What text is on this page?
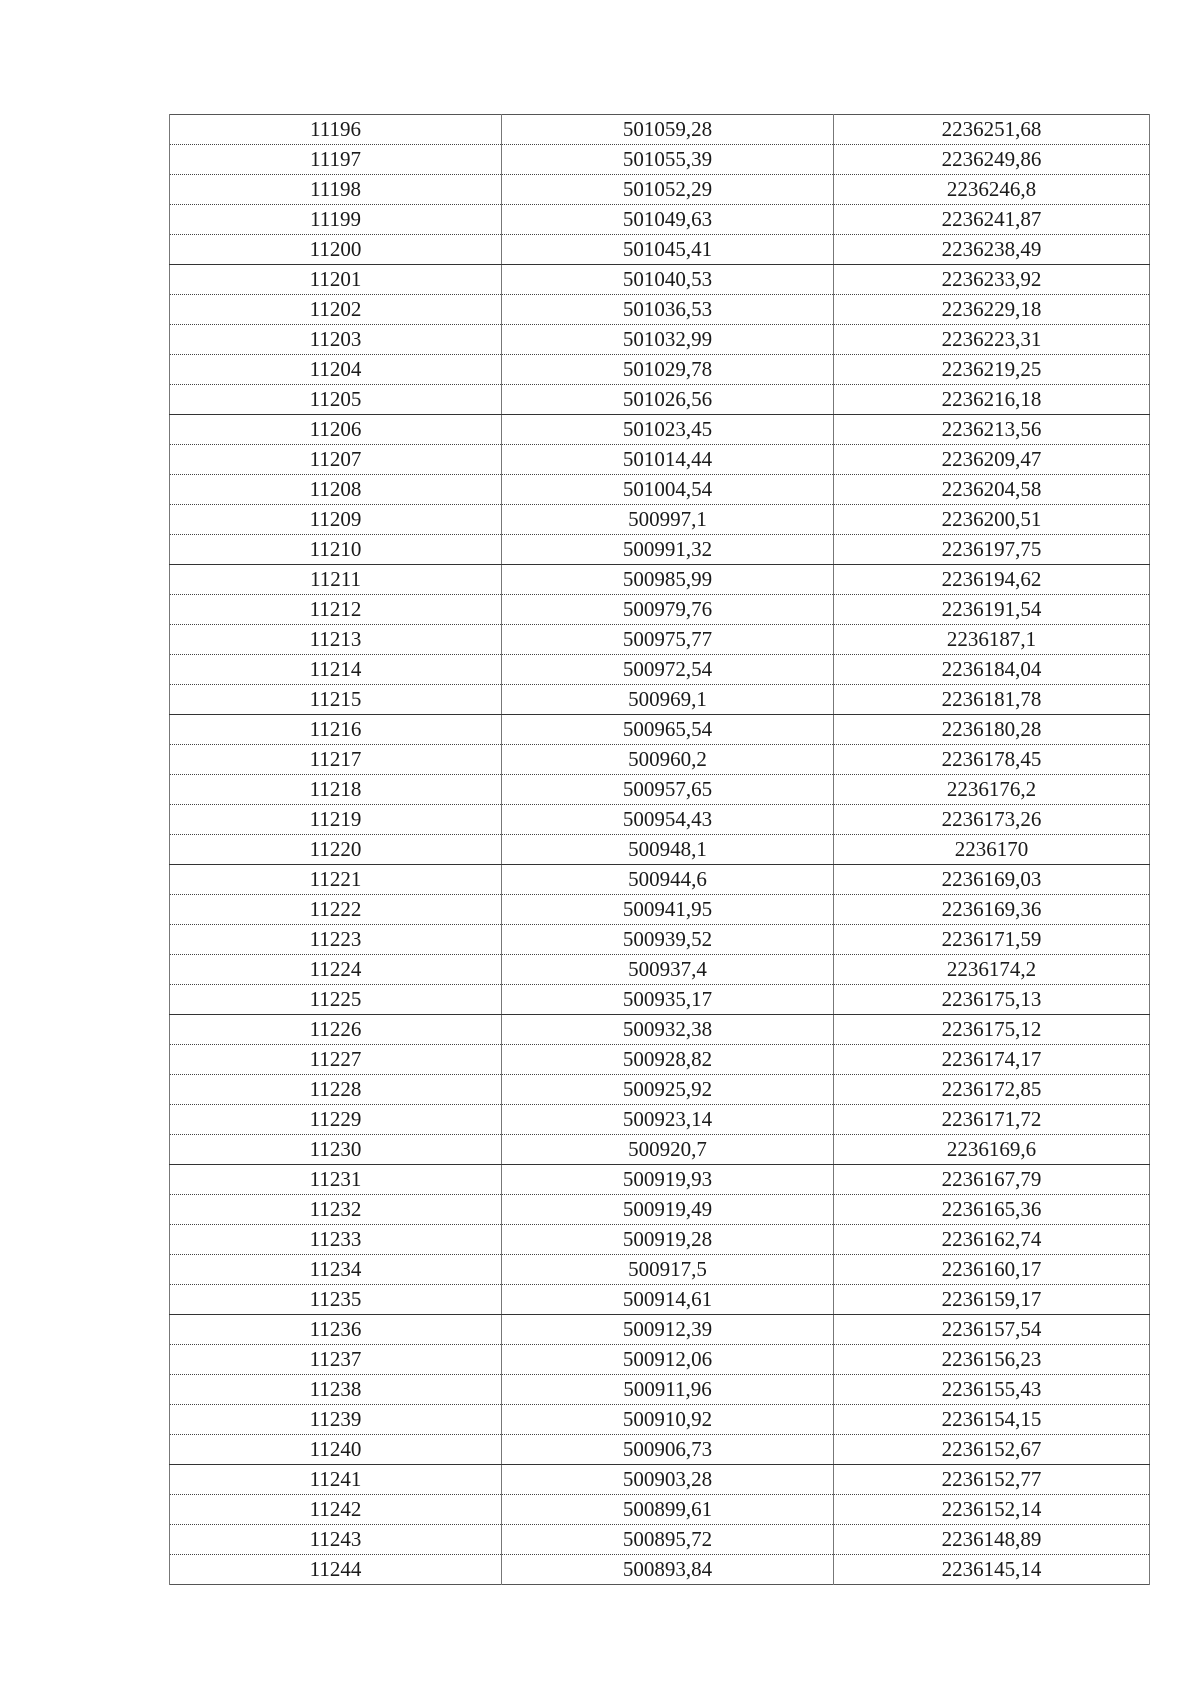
11196	501059,28	2236251,68
11197	501055,39	2236249,86
11198	501052,29	2236246,8
11199	501049,63	2236241,87
11200	501045,41	2236238,49
11201	501040,53	2236233,92
11202	501036,53	2236229,18
11203	501032,99	2236223,31
11204	501029,78	2236219,25
11205	501026,56	2236216,18
11206	501023,45	2236213,56
11207	501014,44	2236209,47
11208	501004,54	2236204,58
11209	500997,1	2236200,51
11210	500991,32	2236197,75
11211	500985,99	2236194,62
11212	500979,76	2236191,54
11213	500975,77	2236187,1
11214	500972,54	2236184,04
11215	500969,1	2236181,78
11216	500965,54	2236180,28
11217	500960,2	2236178,45
11218	500957,65	2236176,2
11219	500954,43	2236173,26
11220	500948,1	2236170
11221	500944,6	2236169,03
11222	500941,95	2236169,36
11223	500939,52	2236171,59
11224	500937,4	2236174,2
11225	500935,17	2236175,13
11226	500932,38	2236175,12
11227	500928,82	2236174,17
11228	500925,92	2236172,85
11229	500923,14	2236171,72
11230	500920,7	2236169,6
11231	500919,93	2236167,79
11232	500919,49	2236165,36
11233	500919,28	2236162,74
11234	500917,5	2236160,17
11235	500914,61	2236159,17
11236	500912,39	2236157,54
11237	500912,06	2236156,23
11238	500911,96	2236155,43
11239	500910,92	2236154,15
11240	500906,73	2236152,67
11241	500903,28	2236152,77
11242	500899,61	2236152,14
11243	500895,72	2236148,89
11244	500893,84	2236145,14
